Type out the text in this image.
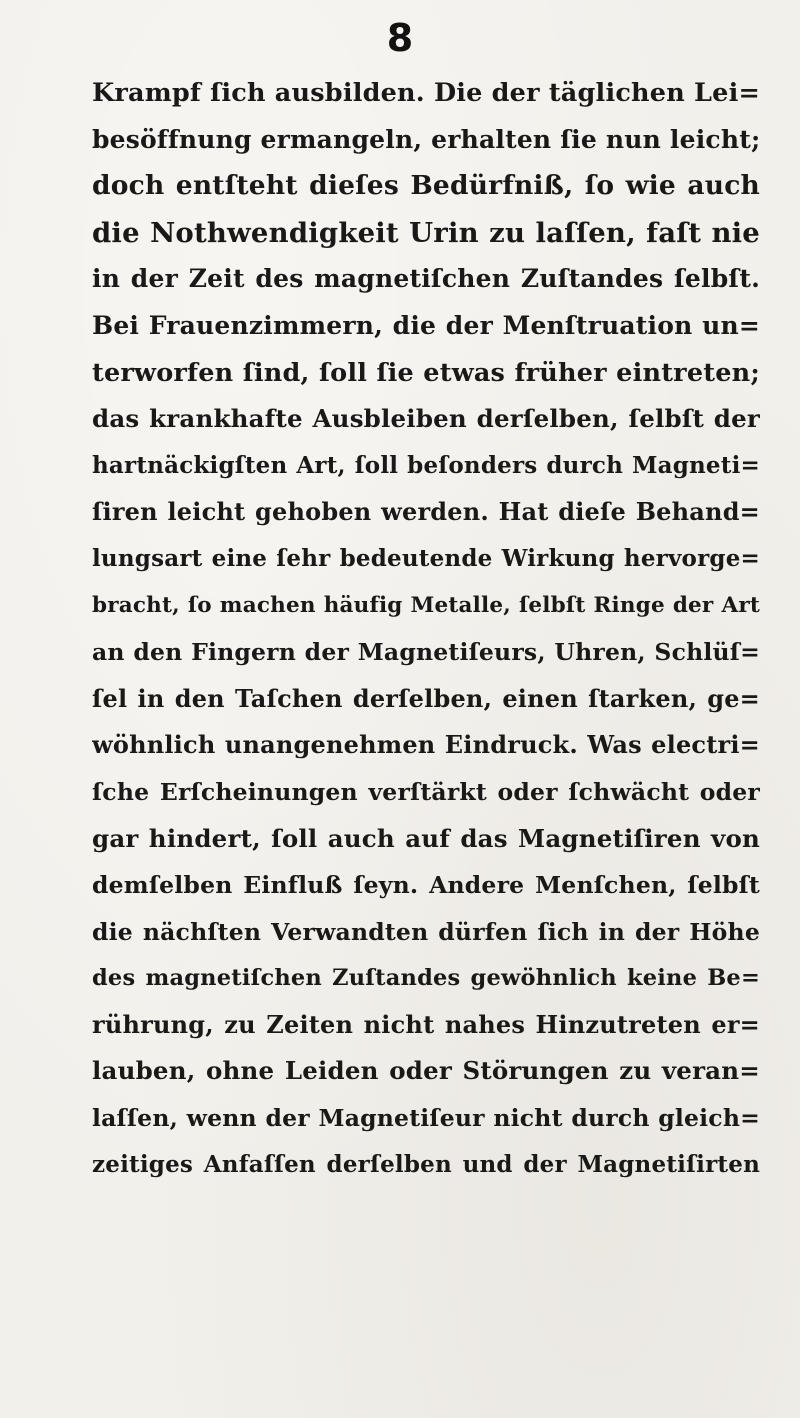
8
Krampf ſich ausbilden. Die der täglichen Lei=
besöffnung ermangeln, erhalten ſie nun leicht;
doch entſteht dieſes Bedürfniß, ſo wie auch
die Nothwendigkeit Urin zu laſſen, faſt nie
in der Zeit des magnetiſchen Zuſtandes ſelbſt.
Bei Frauenzimmern, die der Menſtruation un=
terworfen ſind, ſoll ſie etwas früher eintreten;
das krankhafte Ausbleiben derſelben, ſelbſt der
hartnäckigſten Art, ſoll beſonders durch Magneti=
ſiren leicht gehoben werden. Hat dieſe Behand=
lungsart eine ſehr bedeutende Wirkung hervorge=
bracht, ſo machen häufig Metalle, ſelbſt Ringe der Art
an den Fingern der Magnetiſeurs, Uhren, Schlüſ=
ſel in den Taſchen derſelben, einen ſtarken, ge=
wöhnlich unangenehmen Eindruck. Was electri=
ſche Erſcheinungen verſtärkt oder ſchwächt oder
gar hindert, ſoll auch auf das Magnetiſiren von
demſelben Einfluß ſeyn. Andere Menſchen, ſelbſt
die nächſten Verwandten dürfen ſich in der Höhe
des magnetiſchen Zuſtandes gewöhnlich keine Be=
rührung, zu Zeiten nicht nahes Hinzutreten er=
lauben, ohne Leiden oder Störungen zu veran=
laſſen, wenn der Magnetiſeur nicht durch gleich=
zeitiges Anfaſſen derſelben und der Magnetiſirten
